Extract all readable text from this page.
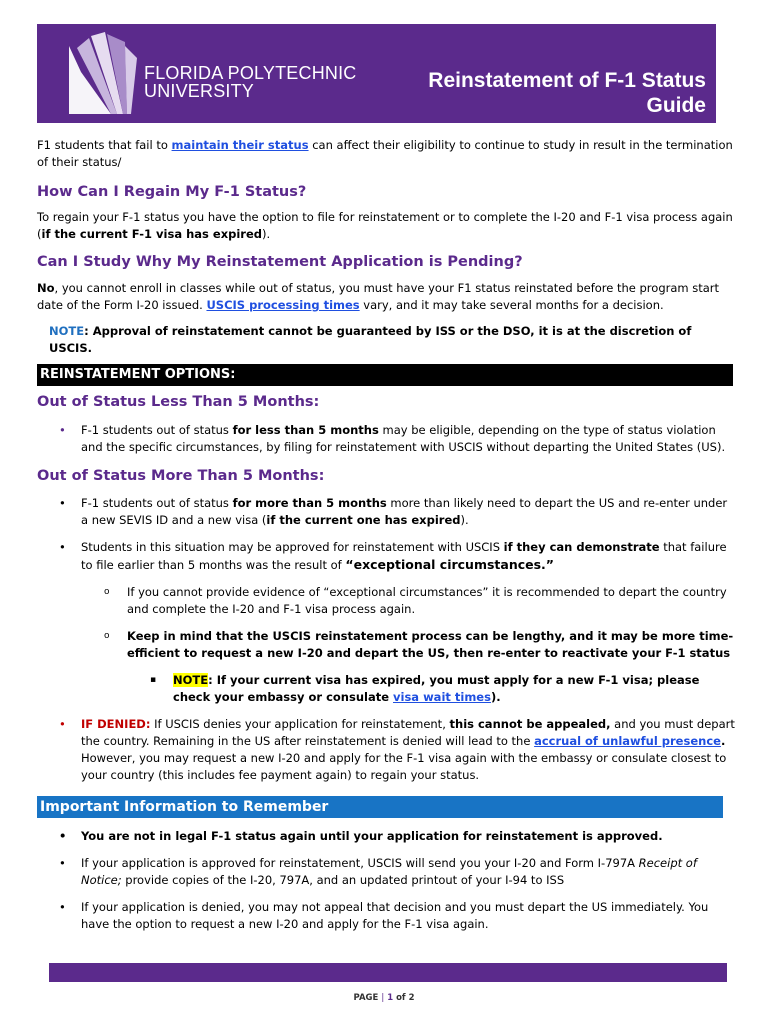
FLORIDA POLYTECHNIC
UNIVERSITY	Reinstatement of F-1 Status
Guide

F1 students that fail to maintain their status can affect their eligibility to continue to study in result in the termination of their status/

How Can I Regain My F-1 Status?

To regain your F-1 status you have the option to file for reinstatement or to complete the I-20 and F-1 visa process again (if the current F-1 visa has expired).

Can I Study Why My Reinstatement Application is Pending?

No, you cannot enroll in classes while out of status, you must have your F1 status reinstated before the program start date of the Form I-20 issued. USCIS processing times vary, and it may take several months for a decision.

NOTE: Approval of reinstatement cannot be guaranteed by ISS or the DSO, it is at the discretion of USCIS.

REINSTATEMENT OPTIONS:
Out of Status Less Than 5 Months:
• F-1 students out of status for less than 5 months may be eligible, depending on the type of status violation and the specific circumstances, by filing for reinstatement with USCIS without departing the United States (US).
Out of Status More Than 5 Months:
• F-1 students out of status for more than 5 months more than likely need to depart the US and re-enter under a new SEVIS ID and a new visa (if the current one has expired).
• Students in this situation may be approved for reinstatement with USCIS if they can demonstrate that failure to file earlier than 5 months was the result of “exceptional circumstances.”
o If you cannot provide evidence of “exceptional circumstances” it is recommended to depart the country and complete the I-20 and F-1 visa process again.
o Keep in mind that the USCIS reinstatement process can be lengthy, and it may be more time-efficient to request a new I-20 and depart the US, then re-enter to reactivate your F-1 status
▪ NOTE: If your current visa has expired, you must apply for a new F-1 visa; please check your embassy or consulate visa wait times).
• IF DENIED: If USCIS denies your application for reinstatement, this cannot be appealed, and you must depart the country. Remaining in the US after reinstatement is denied will lead to the accrual of unlawful presence.
However, you may request a new I-20 and apply for the F-1 visa again with the embassy or consulate closest to your country (this includes fee payment again) to regain your status.
Important Information to Remember
• You are not in legal F-1 status again until your application for reinstatement is approved.
• If your application is approved for reinstatement, USCIS will send you your I-20 and Form I-797A Receipt of Notice; provide copies of the I-20, 797A, and an updated printout of your I-94 to ISS
• If your application is denied, you may not appeal that decision and you must depart the US immediately. You have the option to request a new I-20 and apply for the F-1 visa again.
PAGE | 1 of 2
